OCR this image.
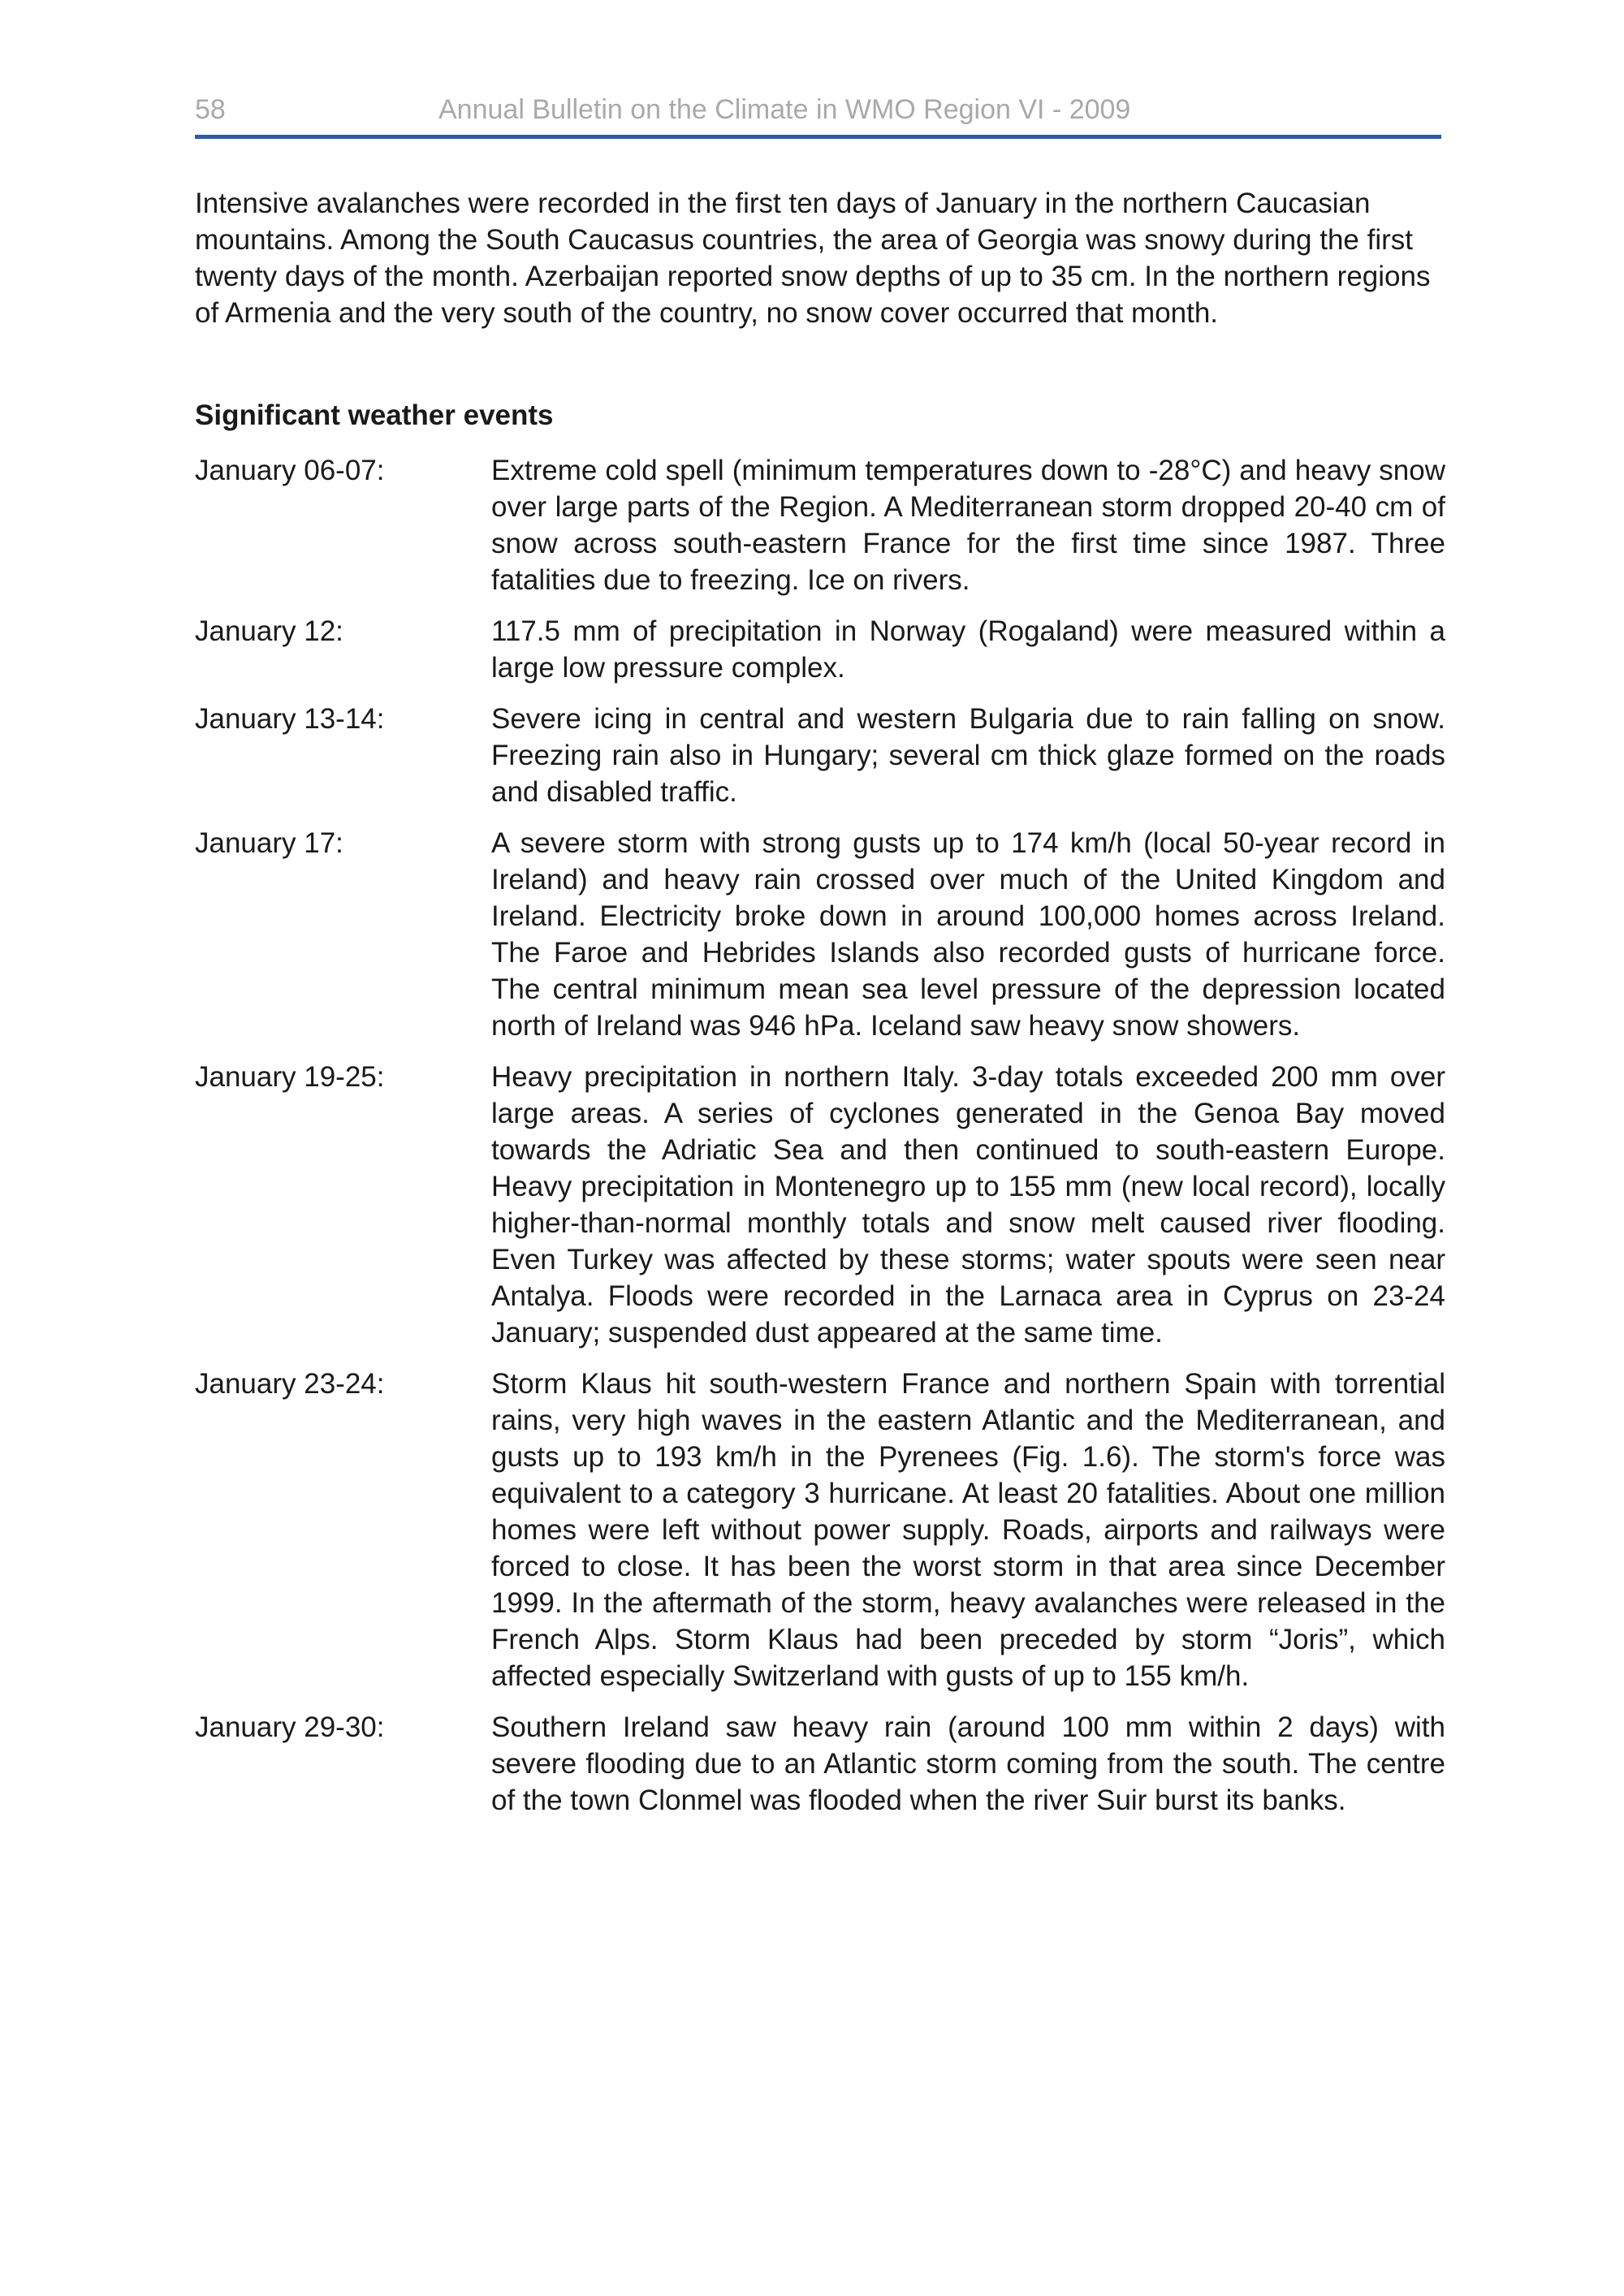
58	Annual Bulletin on the Climate in WMO Region VI - 2009

Intensive avalanches were recorded in the first ten days of January in the northern Caucasian mountains. Among the South Caucasus countries, the area of Georgia was snowy during the first twenty days of the month. Azerbaijan reported snow depths of up to 35 cm. In the northern regions of Armenia and the very south of the country, no snow cover occurred that month.

Significant weather events
January 06-07:	Extreme cold spell (minimum temperatures down to -28°C) and heavy snow over large parts of the Region. A Mediterranean storm dropped 20-40 cm of snow across south-eastern France for the first time since 1987. Three fatalities due to freezing. Ice on rivers.
January 12:	117.5 mm of precipitation in Norway (Rogaland) were measured within a large low pressure complex.
January 13-14:	Severe icing in central and western Bulgaria due to rain falling on snow. Freezing rain also in Hungary; several cm thick glaze formed on the roads and disabled traffic.
January 17:	A severe storm with strong gusts up to 174 km/h (local 50-year record in Ireland) and heavy rain crossed over much of the United Kingdom and Ireland. Electricity broke down in around 100,000 homes across Ireland. The Faroe and Hebrides Islands also recorded gusts of hurricane force. The central minimum mean sea level pressure of the depression located north of Ireland was 946 hPa. Iceland saw heavy snow showers.
January 19-25:	Heavy precipitation in northern Italy. 3-day totals exceeded 200 mm over large areas. A series of cyclones generated in the Genoa Bay moved towards the Adriatic Sea and then continued to south-eastern Europe. Heavy precipitation in Montenegro up to 155 mm (new local record), locally higher-than-normal monthly totals and snow melt caused river flooding. Even Turkey was affected by these storms; water spouts were seen near Antalya. Floods were recorded in the Larnaca area in Cyprus on 23-24 January; suspended dust appeared at the same time.
January 23-24:	Storm Klaus hit south-western France and northern Spain with torrential rains, very high waves in the eastern Atlantic and the Mediterranean, and gusts up to 193 km/h in the Pyrenees (Fig. 1.6). The storm's force was equivalent to a category 3 hurricane. At least 20 fatalities. About one million homes were left without power supply. Roads, airports and railways were forced to close. It has been the worst storm in that area since December 1999. In the aftermath of the storm, heavy avalanches were released in the French Alps. Storm Klaus had been preceded by storm “Joris”, which affected especially Switzerland with gusts of up to 155 km/h.
January 29-30:	Southern Ireland saw heavy rain (around 100 mm within 2 days) with severe flooding due to an Atlantic storm coming from the south. The centre of the town Clonmel was flooded when the river Suir burst its banks.
